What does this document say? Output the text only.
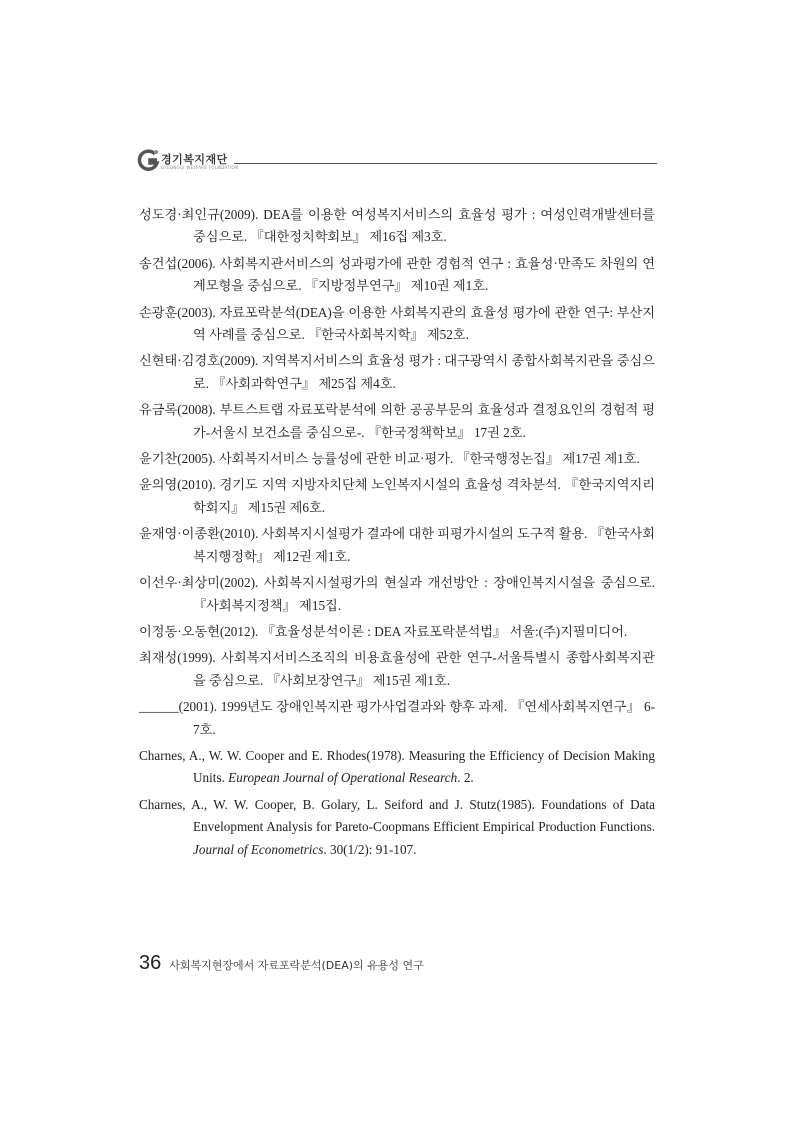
경기복지재단
GYEONGGI WELFARE FOUNDATION
성도경·최인규(2009). DEA를 이용한 여성복지서비스의 효율성 평가 : 여성인력개발센터를 중심으로. 『대한정치학회보』 제16집 제3호.
송건섭(2006). 사회복지관서비스의 성과평가에 관한 경험적 연구 : 효율성·만족도 차원의 연계모형을 중심으로. 『지방정부연구』 제10권 제1호.
손광훈(2003). 자료포락분석(DEA)을 이용한 사회복지관의 효율성 평가에 관한 연구: 부산지역 사례를 중심으로. 『한국사회복지학』 제52호.
신현태·김경호(2009). 지역복지서비스의 효율성 평가 : 대구광역시 종합사회복지관을 중심으로. 『사회과학연구』 제25집 제4호.
유금록(2008). 부트스트랩 자료포락분석에 의한 공공부문의 효율성과 결정요인의 경험적 평가-서울시 보건소를 중심으로-. 『한국정책학보』 17권 2호.
윤기찬(2005). 사회복지서비스 능률성에 관한 비교·평가. 『한국행정논집』 제17권 제1호.
윤의영(2010). 경기도 지역 지방자치단체 노인복지시설의 효율성 격차분석. 『한국지역지리학회지』 제15권 제6호.
윤재영·이종환(2010). 사회복지시설평가 결과에 대한 피평가시설의 도구적 활용. 『한국사회복지행정학』 제12권 제1호.
이선우·최상미(2002). 사회복지시설평가의 현실과 개선방안 : 장애인복지시설을 중심으로. 『사회복지정책』 제15집.
이정동·오동현(2012). 『효율성분석이론 : DEA 자료포락분석법』 서울:(주)지필미디어.
최재성(1999). 사회복지서비스조직의 비용효율성에 관한 연구-서울특별시 종합사회복지관을 중심으로. 『사회보장연구』 제15권 제1호.
______(2001). 1999년도 장애인복지관 평가사업결과와 향후 과제. 『연세사회복지연구』 6-7호.
Charnes, A., W. W. Cooper and E. Rhodes(1978). Measuring the Efficiency of Decision Making Units. European Journal of Operational Research. 2.
Charnes, A., W. W. Cooper, B. Golary, L. Seiford and J. Stutz(1985). Foundations of Data Envelopment Analysis for Pareto-Coopmans Efficient Empirical Production Functions. Journal of Econometrics. 30(1/2): 91-107.
36 사회복지현장에서 자료포락분석(DEA)의 유용성 연구
